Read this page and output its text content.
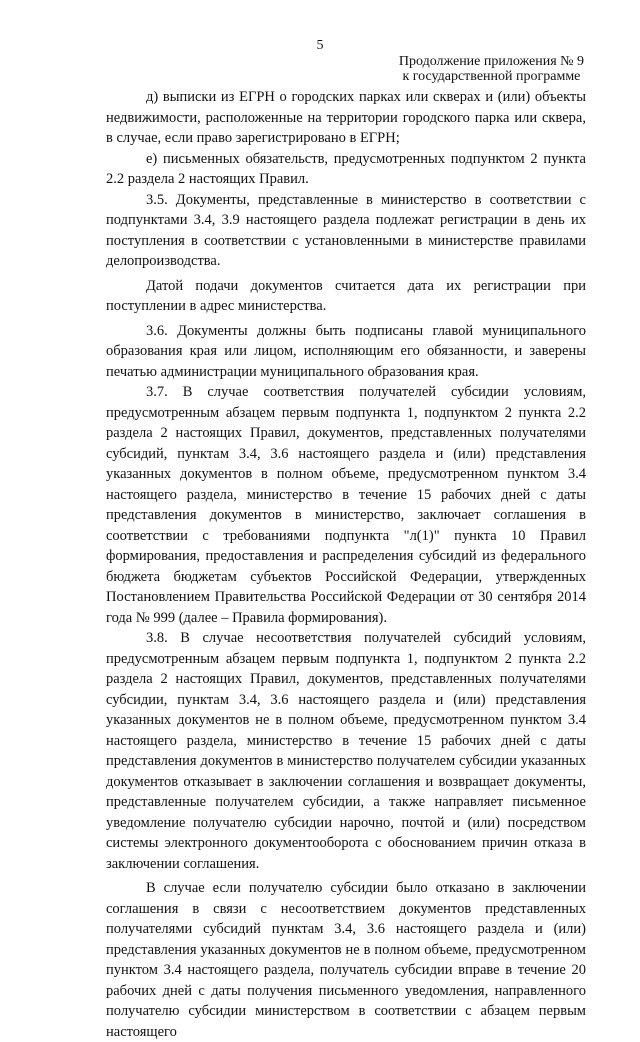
5
Продолжение приложения № 9
к государственной программе

д) выписки из ЕГРН о городских парках или скверах и (или) объекты недвижимости, расположенные на территории городского парка или сквера, в случае, если право зарегистрировано в ЕГРН;

е) письменных обязательств, предусмотренных подпунктом 2 пункта 2.2 раздела 2 настоящих Правил.

3.5. Документы, представленные в министерство в соответствии с подпунктами 3.4, 3.9 настоящего раздела подлежат регистрации в день их поступления в соответствии с установленными в министерстве правилами делопроизводства.

Датой подачи документов считается дата их регистрации при поступлении в адрес министерства.

3.6. Документы должны быть подписаны главой муниципального образования края или лицом, исполняющим его обязанности, и заверены печатью администрации муниципального образования края.

3.7. В случае соответствия получателей субсидии условиям, предусмотренным абзацем первым подпункта 1, подпунктом 2 пункта 2.2 раздела 2 настоящих Правил, документов, представленных получателями субсидий, пунктам 3.4, 3.6 настоящего раздела и (или) представления указанных документов в полном объеме, предусмотренном пунктом 3.4 настоящего раздела, министерство в течение 15 рабочих дней с даты представления документов в министерство, заключает соглашения в соответствии с требованиями подпункта "л(1)" пункта 10 Правил формирования, предоставления и распределения субсидий из федерального бюджета бюджетам субъектов Российской Федерации, утвержденных Постановлением Правительства Российской Федерации от 30 сентября 2014 года № 999 (далее – Правила формирования).

3.8. В случае несоответствия получателей субсидий условиям, предусмотренным абзацем первым подпункта 1, подпунктом 2 пункта 2.2 раздела 2 настоящих Правил, документов, представленных получателями субсидии, пунктам 3.4, 3.6 настоящего раздела и (или) представления указанных документов не в полном объеме, предусмотренном пунктом 3.4 настоящего раздела, министерство в течение 15 рабочих дней с даты представления документов в министерство получателем субсидии указанных документов отказывает в заключении соглашения и возвращает документы, представленные получателем субсидии, а также направляет письменное уведомление получателю субсидии нарочно, почтой и (или) посредством системы электронного документооборота с обоснованием причин отказа в заключении соглашения.

В случае если получателю субсидии было отказано в заключении соглашения в связи с несоответствием документов представленных получателями субсидий пунктам 3.4, 3.6 настоящего раздела и (или) представления указанных документов не в полном объеме, предусмотренном пунктом 3.4 настоящего раздела, получатель субсидии вправе в течение 20 рабочих дней с даты получения письменного уведомления, направленного получателю субсидии министерством в соответствии с абзацем первым настоящего
